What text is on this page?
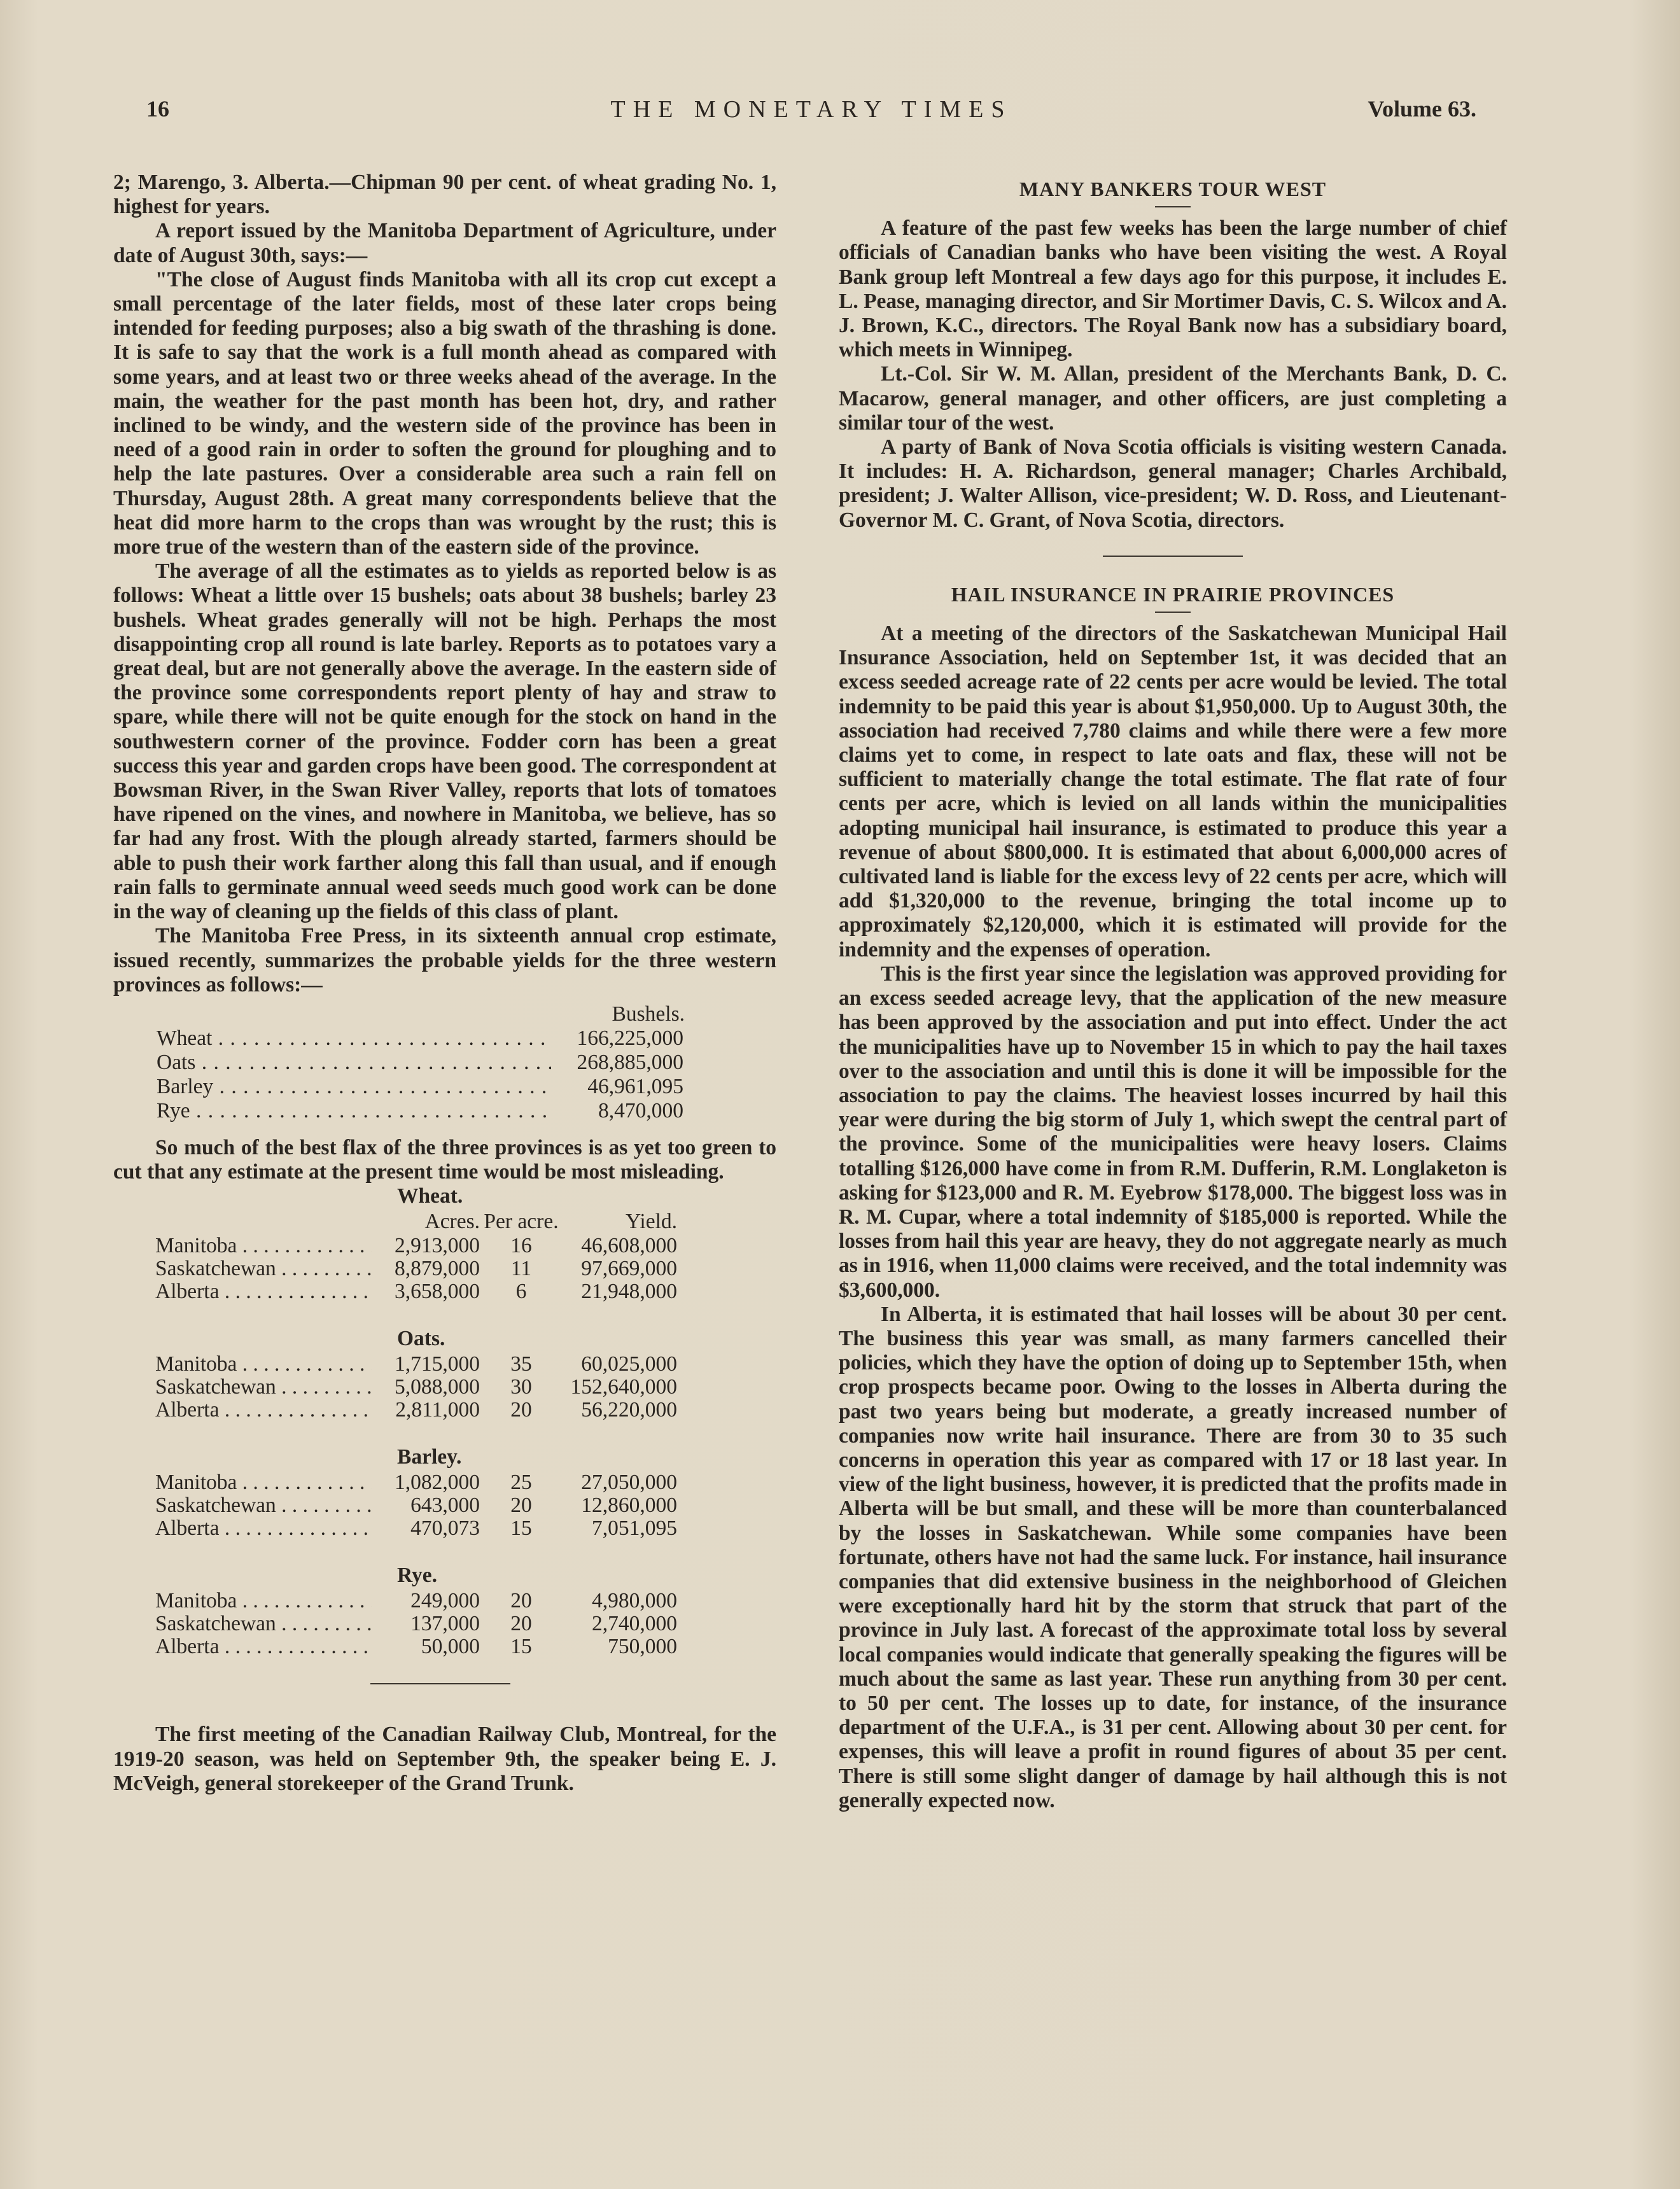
16	THE MONETARY TIMES	Volume 63.

2; Marengo, 3. Alberta.—Chipman 90 per cent. of wheat grading No. 1, highest for years.

A report issued by the Manitoba Department of Agriculture, under date of August 30th, says:—

"The close of August finds Manitoba with all its crop cut except a small percentage of the later fields, most of these later crops being intended for feeding purposes; also a big swath of the thrashing is done. It is safe to say that the work is a full month ahead as compared with some years, and at least two or three weeks ahead of the average. In the main, the weather for the past month has been hot, dry, and rather inclined to be windy, and the western side of the province has been in need of a good rain in order to soften the ground for ploughing and to help the late pastures. Over a considerable area such a rain fell on Thursday, August 28th. A great many correspondents believe that the heat did more harm to the crops than was wrought by the rust; this is more true of the western than of the eastern side of the province.

The average of all the estimates as to yields as reported below is as follows: Wheat a little over 15 bushels; oats about 38 bushels; barley 23 bushels. Wheat grades generally will not be high. Perhaps the most disappointing crop all round is late barley. Reports as to potatoes vary a great deal, but are not generally above the average. In the eastern side of the province some correspondents report plenty of hay and straw to spare, while there will not be quite enough for the stock on hand in the southwestern corner of the province. Fodder corn has been a great success this year and garden crops have been good. The correspondent at Bowsman River, in the Swan River Valley, reports that lots of tomatoes have ripened on the vines, and nowhere in Manitoba, we believe, has so far had any frost. With the plough already started, farmers should be able to push their work farther along this fall than usual, and if enough rain falls to germinate annual weed seeds much good work can be done in the way of cleaning up the fields of this class of plant.

The Manitoba Free Press, in its sixteenth annual crop estimate, issued recently, summarizes the probable yields for the three western provinces as follows:—

Bushels.
Wheat . . .	166,225,000
Oats . . .	268,885,000
Barley . . .	46,961,095
Rye . . .	8,470,000

So much of the best flax of the three provinces is as yet too green to cut that any estimate at the present time would be most misleading.

Wheat.
Acres. Per acre.	Yield.
Manitoba . . .	2,913,000	16	46,608,000
Saskatchewan . . .	8,879,000	11	97,669,000
Alberta . . .	3,658,000	6	21,948,000
Oats.
Manitoba . . .	1,715,000	35	60,025,000
Saskatchewan . . .	5,088,000	30	152,640,000
Alberta . . .	2,811,000	20	56,220,000
Barley.
Manitoba . . .	1,082,000	25	27,050,000
Saskatchewan . . .	643,000	20	12,860,000
Alberta . . .	470,073	15	7,051,095
Rye.
Manitoba . . .	249,000	20	4,980,000
Saskatchewan . . .	137,000	20	2,740,000
Alberta . . .	50,000	15	750,000

The first meeting of the Canadian Railway Club, Montreal, for the 1919-20 season, was held on September 9th, the speaker being E. J. McVeigh, general storekeeper of the Grand Trunk.

MANY BANKERS TOUR WEST

A feature of the past few weeks has been the large number of chief officials of Canadian banks who have been visiting the west. A Royal Bank group left Montreal a few days ago for this purpose, it includes E. L. Pease, managing director, and Sir Mortimer Davis, C. S. Wilcox and A. J. Brown, K.C., directors. The Royal Bank now has a subsidiary board, which meets in Winnipeg.

Lt.-Col. Sir W. M. Allan, president of the Merchants Bank, D. C. Macarow, general manager, and other officers, are just completing a similar tour of the west.

A party of Bank of Nova Scotia officials is visiting western Canada. It includes: H. A. Richardson, general manager; Charles Archibald, president; J. Walter Allison, vice-president; W. D. Ross, and Lieutenant-Governor M. C. Grant, of Nova Scotia, directors.

HAIL INSURANCE IN PRAIRIE PROVINCES

At a meeting of the directors of the Saskatchewan Municipal Hail Insurance Association, held on September 1st, it was decided that an excess seeded acreage rate of 22 cents per acre would be levied. The total indemnity to be paid this year is about $1,950,000. Up to August 30th, the association had received 7,780 claims and while there were a few more claims yet to come, in respect to late oats and flax, these will not be sufficient to materially change the total estimate. The flat rate of four cents per acre, which is levied on all lands within the municipalities adopting municipal hail insurance, is estimated to produce this year a revenue of about $800,000. It is estimated that about 6,000,000 acres of cultivated land is liable for the excess levy of 22 cents per acre, which will add $1,320,000 to the revenue, bringing the total income up to approximately $2,120,000, which it is estimated will provide for the indemnity and the expenses of operation.

This is the first year since the legislation was approved providing for an excess seeded acreage levy, that the application of the new measure has been approved by the association and put into effect. Under the act the municipalities have up to November 15 in which to pay the hail taxes over to the association and until this is done it will be impossible for the association to pay the claims. The heaviest losses incurred by hail this year were during the big storm of July 1, which swept the central part of the province. Some of the municipalities were heavy losers. Claims totalling $126,000 have come in from R.M. Dufferin, R.M. Longlaketon is asking for $123,000 and R. M. Eyebrow $178,000. The biggest loss was in R. M. Cupar, where a total indemnity of $185,000 is reported. While the losses from hail this year are heavy, they do not aggregate nearly as much as in 1916, when 11,000 claims were received, and the total indemnity was $3,600,000.

In Alberta, it is estimated that hail losses will be about 30 per cent. The business this year was small, as many farmers cancelled their policies, which they have the option of doing up to September 15th, when crop prospects became poor. Owing to the losses in Alberta during the past two years being but moderate, a greatly increased number of companies now write hail insurance. There are from 30 to 35 such concerns in operation this year as compared with 17 or 18 last year. In view of the light business, however, it is predicted that the profits made in Alberta will be but small, and these will be more than counterbalanced by the losses in Saskatchewan. While some companies have been fortunate, others have not had the same luck. For instance, hail insurance companies that did extensive business in the neighborhood of Gleichen were exceptionally hard hit by the storm that struck that part of the province in July last. A forecast of the approximate total loss by several local companies would indicate that generally speaking the figures will be much about the same as last year. These run anything from 30 per cent. to 50 per cent. The losses up to date, for instance, of the insurance department of the U.F.A., is 31 per cent. Allowing about 30 per cent. for expenses, this will leave a profit in round figures of about 35 per cent. There is still some slight danger of damage by hail although this is not generally expected now.
